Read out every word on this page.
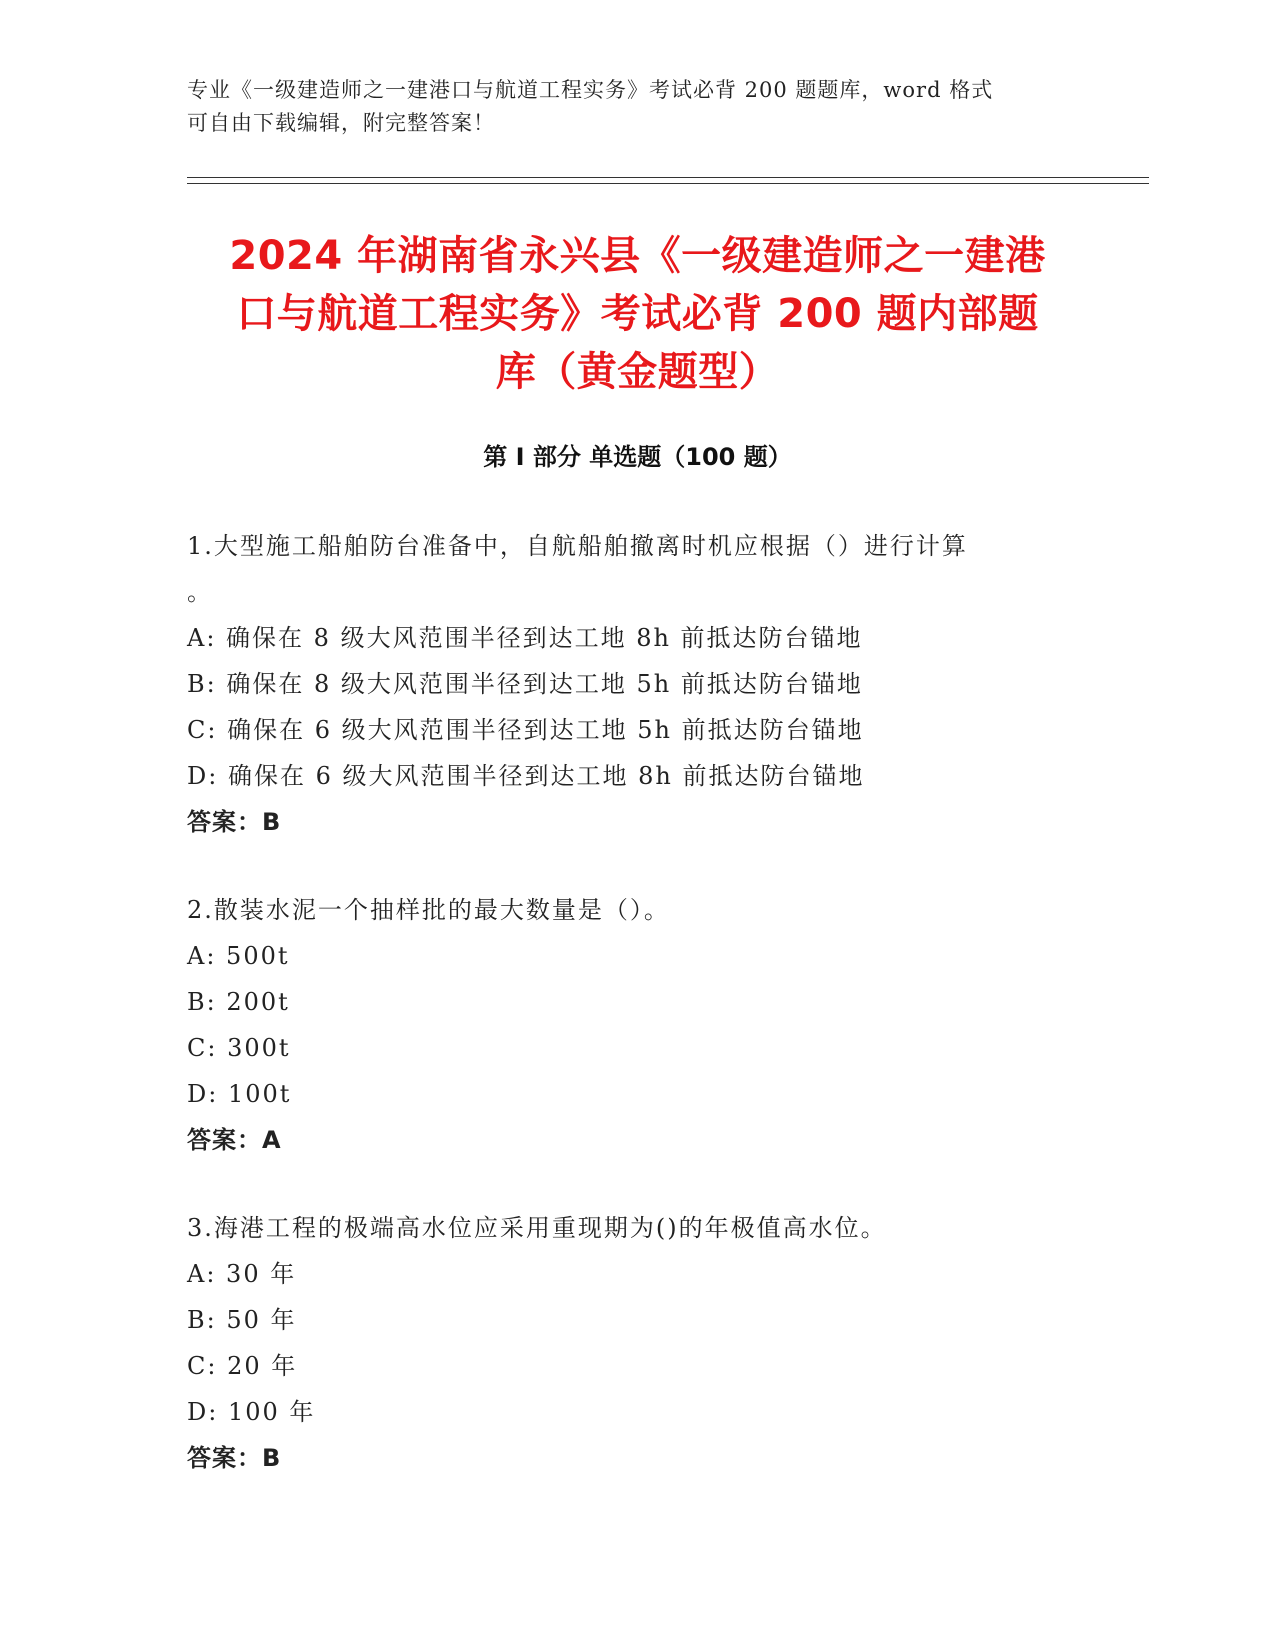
专业《一级建造师之一建港口与航道工程实务》考试必背 200 题题库，word 格式
可自由下载编辑，附完整答案！
2024 年湖南省永兴县《一级建造师之一建港
口与航道工程实务》考试必背 200 题内部题
库（黄金题型）
第 I 部分 单选题（100 题）
1.大型施工船舶防台准备中，自航船舶撤离时机应根据（）进行计算
。
A: 确保在 8 级大风范围半径到达工地 8h 前抵达防台锚地
B: 确保在 8 级大风范围半径到达工地 5h 前抵达防台锚地
C: 确保在 6 级大风范围半径到达工地 5h 前抵达防台锚地
D: 确保在 6 级大风范围半径到达工地 8h 前抵达防台锚地
答案：B
2.散装水泥一个抽样批的最大数量是（）。
A: 500t
B: 200t
C: 300t
D: 100t
答案：A
3.海港工程的极端高水位应采用重现期为()的年极值高水位。
A: 30 年
B: 50 年
C: 20 年
D: 100 年
答案：B
